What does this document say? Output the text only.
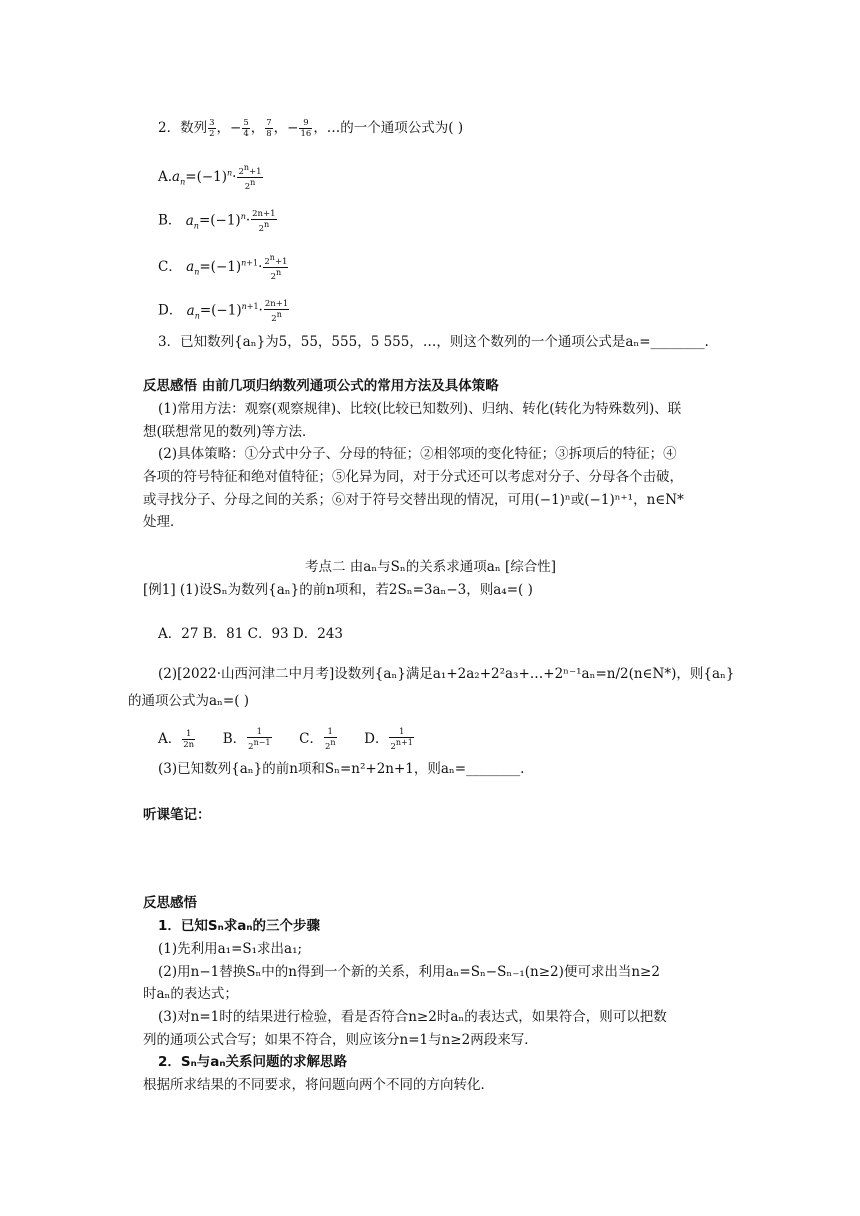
2．数列 $\frac{3}{2}$ ，− $\frac{5}{4}$ ， $\frac{7}{8}$ ，− $\frac{9}{16}$ ，…的一个通项公式为( )
$A.a_n=(-1)^n\cdot \frac{2^n+1}{2^n}$
B． $a_n=(-1)^n\cdot \frac{2n+1}{2^n}$
C． $a_n=(-1)^{n+1}\cdot \frac{2^n+1}{2^n}$
D． $a_n=(-1)^{n+1}\cdot \frac{2n+1}{2^n}$
3．已知数列{aₙ}为5，55，555，5 555，…，则这个数列的一个通项公式是aₙ=________.
反思感悟 由前几项归纳数列通项公式的常用方法及具体策略
(1)常用方法：观察(观察规律)、比较(比较已知数列)、归纳、转化(转化为特殊数列)、联
想(联想常见的数列)等方法．
(2)具体策略：①分式中分子、分母的特征；②相邻项的变化特征；③拆项后的特征；④
各项的符号特征和绝对值特征；⑤化异为同，对于分式还可以考虑对分子、分母各个击破，
或寻找分子、分母之间的关系；⑥对于符号交替出现的情况，可用(−1)ⁿ或(−1)ⁿ⁺¹，n∈N*
处理．
考点二 由aₙ与Sₙ的关系求通项aₙ [综合性]
[例1] (1)设Sₙ为数列{aₙ}的前n项和，若2Sₙ=3aₙ−3，则a₄=( )
A．27 B．81 C．93 D．243
(2)[2022·山西河津二中月考]设数列{aₙ}满足a₁+2a₂+2²a₃+…+2ⁿ⁻¹aₙ=n/2(n∈N*)，则{aₙ}
的通项公式为aₙ=( )
A． $\frac{1}{2n}$ B． $\frac{1}{2^{n-1}}$ C． $\frac{1}{2^n}$ D． $\frac{1}{2^{n+1}}$
(3)已知数列{aₙ}的前n项和Sₙ=n²+2n+1，则aₙ=________.
听课笔记：
反思感悟
1．已知Sₙ求aₙ的三个步骤
(1)先利用a₁=S₁求出a₁;
(2)用n−1替换Sₙ中的n得到一个新的关系，利用aₙ=Sₙ−Sₙ₋₁(n≥2)便可求出当n≥2
时aₙ的表达式；
(3)对n=1时的结果进行检验，看是否符合n≥2时aₙ的表达式，如果符合，则可以把数
列的通项公式合写；如果不符合，则应该分n=1与n≥2两段来写．
2．Sₙ与aₙ关系问题的求解思路
根据所求结果的不同要求，将问题向两个不同的方向转化．
